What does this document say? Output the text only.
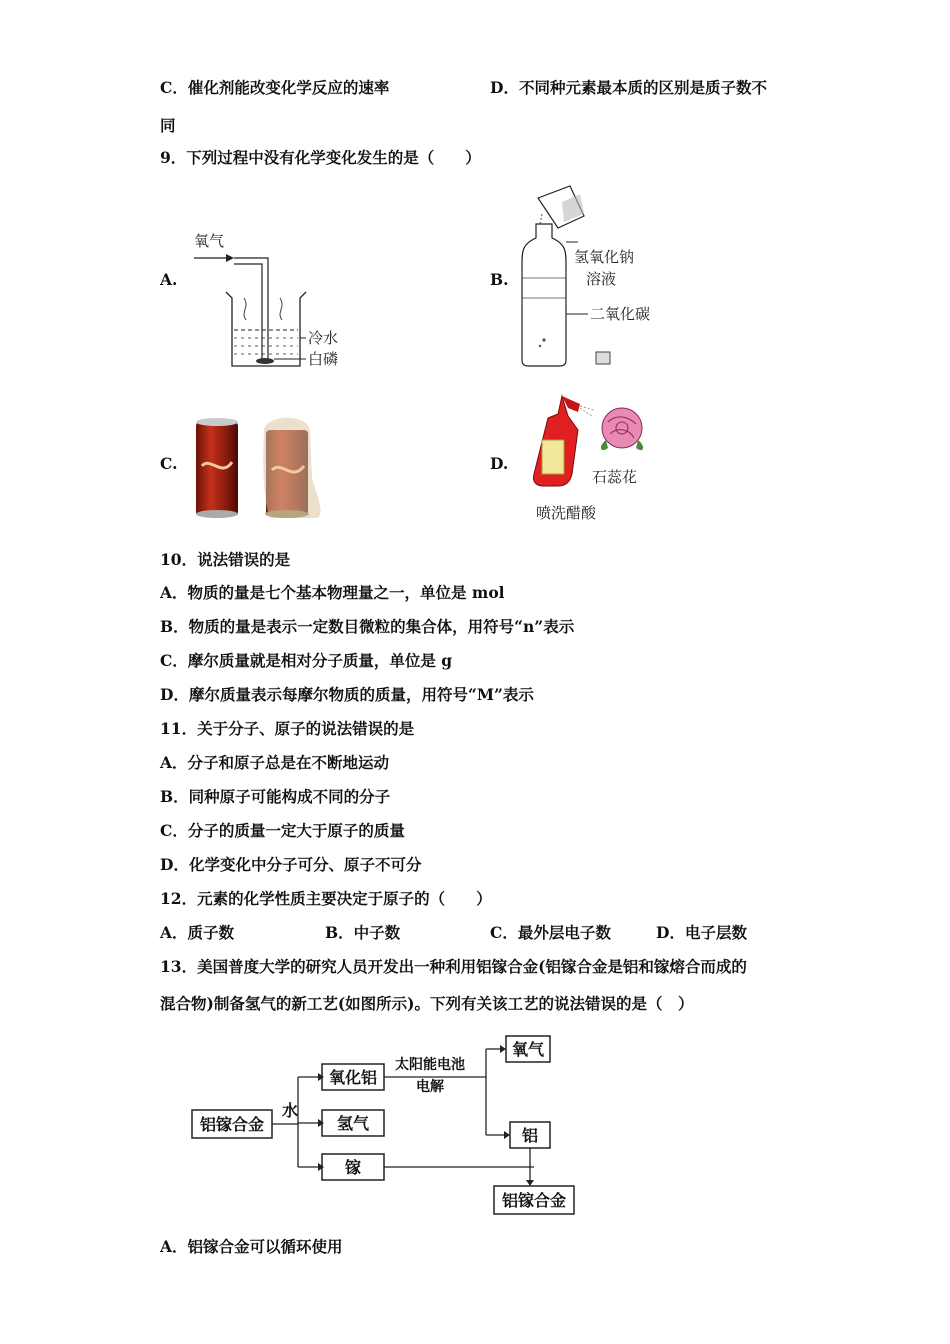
C．催化剂能改变化学反应的速率	D．不同种元素最本质的区别是质子数不
同
9．下列过程中没有化学变化发生的是（　　）
A.	B.
C.	D.
氧气
冷水
白磷
氢氧化钠
溶液
二氧化碳
石蕊花
喷洗醋酸
10．说法错误的是
A．物质的量是七个基本物理量之一，单位是 mol
B．物质的量是表示一定数目微粒的集合体，用符号“n”表示
C．摩尔质量就是相对分子质量，单位是 g
D．摩尔质量表示每摩尔物质的质量，用符号“M”表示
11．关于分子、原子的说法错误的是
A．分子和原子总是在不断地运动
B．同种原子可能构成不同的分子
C．分子的质量一定大于原子的质量
D．化学变化中分子可分、原子不可分
12．元素的化学性质主要决定于原子的（　　）
A．质子数	B．中子数	C．最外层电子数	D．电子层数
13．美国普度大学的研究人员开发出一种利用铝镓合金(铝镓合金是铝和镓熔合而成的
混合物)制备氢气的新工艺(如图所示)。下列有关该工艺的说法错误的是（　）
铝镓合金
氧化铝
氢气
镓
氧气
铝
铝镓合金
水
太阳能电池
电解
A．铝镓合金可以循环使用
